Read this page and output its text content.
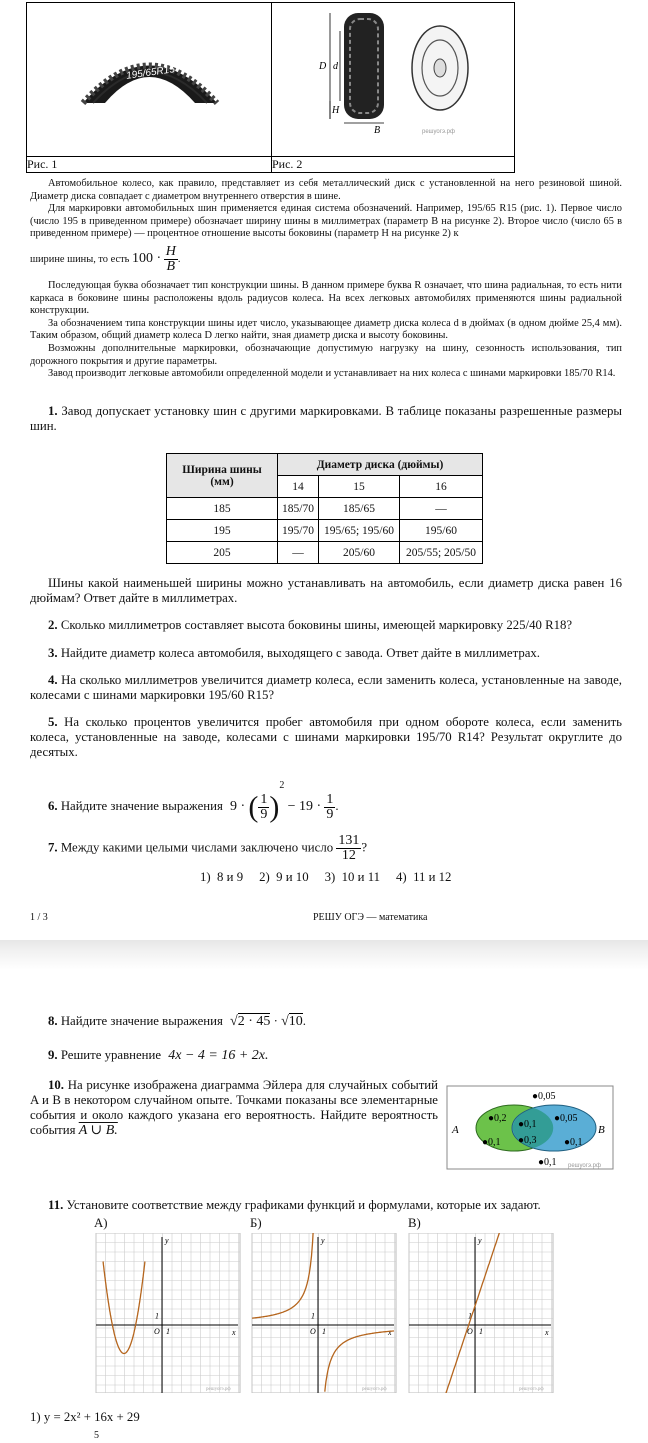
195/65R15	D d
H
B решуогэ.рф

Рис. 1	Рис. 2

Автомобильное колесо, как правило, представляет из себя металлический диск с установленной на него резиновой шиной. Диаметр диска совпадает с диаметром внутреннего отверстия в шине.

Для маркировки автомобильных шин применяется единая система обозначений. Например, 195/65 R15 (рис. 1). Первое число (число 195 в приведенном примере) обозначает ширину шины в миллиметрах (параметр B на рисунке 2). Второе число (число 65 в приведенном примере) — процентное отношение высоты боковины (параметр H на рисунке 2) к

ширине шины, то есть $100 \cdot \frac{H}{B}$ .

Последующая буква обозначает тип конструкции шины. В данном примере буква R означает, что шина радиальная, то есть нити каркаса в боковине шины расположены вдоль радиусов колеса. На всех легковых автомобилях применяются шины радиальной конструкции.

За обозначением типа конструкции шины идет число, указывающее диаметр диска колеса d в дюймах (в одном дюйме 25,4 мм). Таким образом, общий диаметр колеса D легко найти, зная диаметр диска и высоту боковины.

Возможны дополнительные маркировки, обозначающие допустимую нагрузку на шину, сезонность использования, тип дорожного покрытия и другие параметры.

Завод производит легковые автомобили определенной модели и устанавливает на них колеса с шинами маркировки 185/70 R14.

1. Завод допускает установку шин с другими маркировками. В таблице показаны разрешенные размеры шин.
Ширина шины (мм)	Диаметр диска (дюймы)		
	14	15	16
185	185/70	185/65	—
195	195/70	195/65; 195/60	195/60
205	—	205/60	205/55; 205/50
Шины какой наименьшей ширины можно устанавливать на автомобиль, если диаметр диска равен 16 дюймам? Ответ дайте в миллиметрах.
2. Сколько миллиметров составляет высота боковины шины, имеющей маркировку 225/40 R18?
3. Найдите диаметр колеса автомобиля, выходящего с завода. Ответ дайте в миллиметрах.
4. На сколько миллиметров увеличится диаметр колеса, если заменить колеса, установленные на заводе, колесами с шинами маркировки 195/60 R15?
5. На сколько процентов увеличится пробег автомобиля при одном обороте колеса, если заменить колеса, установленные на заводе, колесами с шинами маркировки 195/70 R14? Результат округлите до десятых.
6. Найдите значение выражения 9 · ( $\frac{1}{9} )^2 - 19 \cdot \frac{1}{9}$ .
7. Между какими целыми числами заключено число $\frac{131}{12}$ ?
1)  8 и 9     2)  9 и 10     3)  10 и 11     4)  11 и 12
1 / 3	РЕШУ ОГЭ — математика
8. Найдите значение выражения √2 · 45 · √10.
9. Решите уравнение 4x − 4 = 16 + 2x.
10. На рисунке изображена диаграмма Эйлера для случайных событий A и B в некотором случайном опыте. Точками показаны все элементарные события и около каждого указана его вероятность. Найдите вероятность события A ∪ B.	A	B
●0,05
●0,2
●0,1
●0,1
●0,3
●0,05
●0,1
●0,1 решуогэ.рф
11. Установите соответствие между графиками функций и формулами, которые их задают.
А)	Б)	В)
x
y
1
1
O
решуогэ.рф
x
y
1
1
O
решуогэ.рф
x
y
1
1
O
решуогэ.рф
1) y = 2x² + 16x + 29
5
